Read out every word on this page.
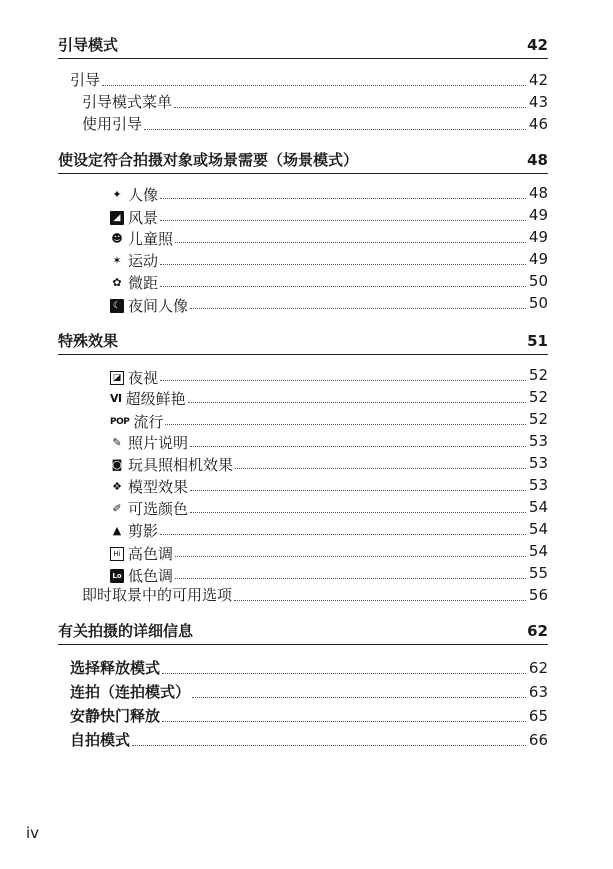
引导模式	42
引导	42
引导模式菜单	43
使用引导	46
使设定符合拍摄对象或场景需要（场景模式）	48
✦ 人像	48
◢ 风景	49
☻ 儿童照	49
✶ 运动	49
✿ 微距	50
☾ 夜间人像	50
特殊效果	51
◪ 夜视	52
VI 超级鲜艳	52
POP 流行	52
✎ 照片说明	53
◙ 玩具照相机效果	53
❖ 模型效果	53
✐ 可选颜色	54
▲ 剪影	54
Hi 高色调	54
Lo 低色调	55
即时取景中的可用选项	56
有关拍摄的详细信息	62
选择释放模式	62
连拍（连拍模式）	63
安静快门释放	65
自拍模式	66
iv
